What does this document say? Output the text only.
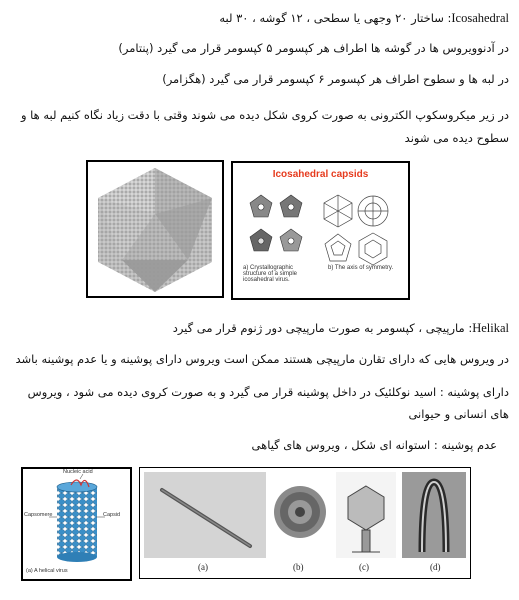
Icosahedral: ساختار ۲۰ وجهی یا سطحی ، ۱۲ گوشه ، ۳۰ لبه
در آدنوویروس ها در گوشه ها اطراف هر کپسومر ۵ کپسومر قرار می گیرد (پنتامر)
در لبه ها و سطوح اطراف هر کپسومر ۶ کپسومر قرار می گیرد (هگزامر)
در زیر میکروسکوپ الکترونی به صورت کروی شکل دیده می شوند وقتی با دقت زیاد نگاه کنیم لبه ها و سطوح دیده می شوند
Icosahedral capsids
a) Crystallographic structure of a simple icosahedral virus.
b) The axis of symmetry.
Helikal: مارپیچی ، کپسومر به صورت مارپیچی دور ژنوم قرار می گیرد
در ویروس هایی که دارای تقارن مارپیچی هستند ممکن است ویروس دارای پوشینه و یا عدم پوشینه باشد
دارای پوشینه : اسید نوکلئیک در داخل پوشینه قرار می گیرد و به صورت کروی دیده می شود ، ویروس های انسانی و حیوانی
عدم پوشینه : استوانه ای شکل ، ویروس های گیاهی
Nucleic acid
Capsomere	Capsid
(a) A helical virus	(a)	(b)	(c)	(d)
